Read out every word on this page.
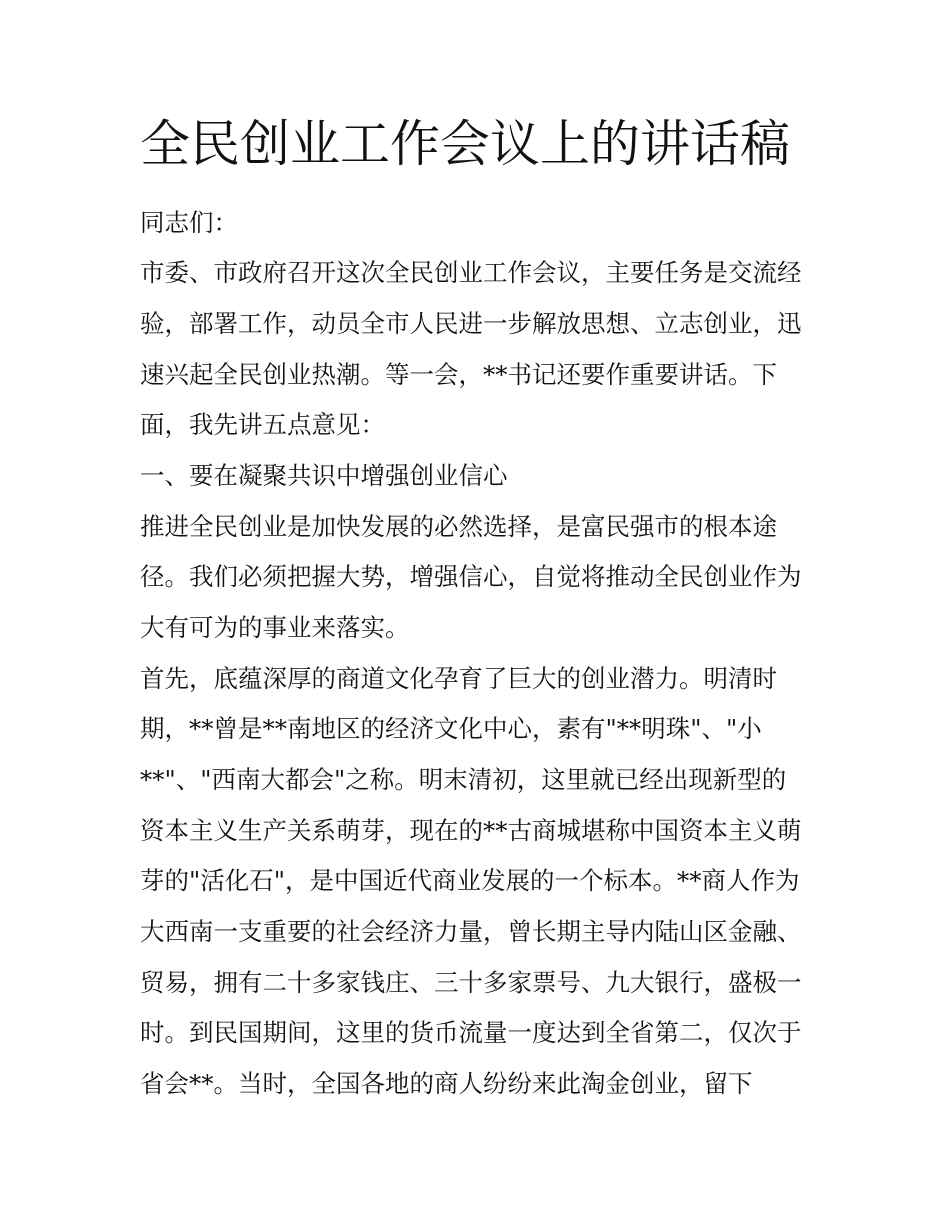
全民创业工作会议上的讲话稿
同志们：
市委、市政府召开这次全民创业工作会议，主要任务是交流经
验，部署工作，动员全市人民进一步解放思想、立志创业，迅
速兴起全民创业热潮。等一会，**书记还要作重要讲话。下
面，我先讲五点意见：
一、要在凝聚共识中增强创业信心
推进全民创业是加快发展的必然选择，是富民强市的根本途
径。我们必须把握大势，增强信心，自觉将推动全民创业作为
大有可为的事业来落实。
首先，底蕴深厚的商道文化孕育了巨大的创业潜力。明清时
期，**曾是**南地区的经济文化中心，素有"**明珠"、"小
**"、"西南大都会"之称。明末清初，这里就已经出现新型的
资本主义生产关系萌芽，现在的**古商城堪称中国资本主义萌
芽的"活化石"，是中国近代商业发展的一个标本。**商人作为
大西南一支重要的社会经济力量，曾长期主导内陆山区金融、
贸易，拥有二十多家钱庄、三十多家票号、九大银行，盛极一
时。到民国期间，这里的货币流量一度达到全省第二，仅次于
省会**。当时，全国各地的商人纷纷来此淘金创业，留下
